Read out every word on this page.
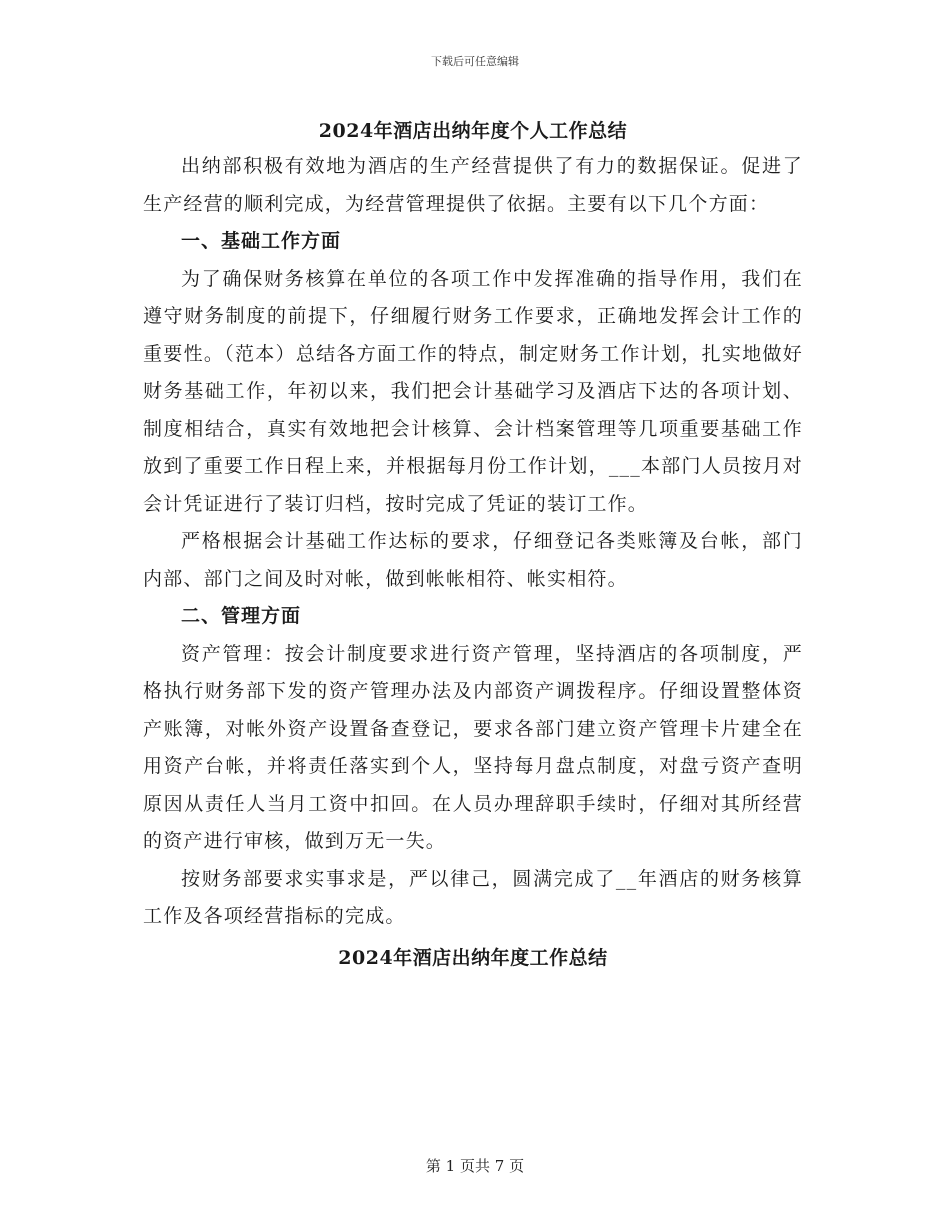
下载后可任意编辑
2024年酒店出纳年度个人工作总结

出纳部积极有效地为酒店的生产经营提供了有力的数据保证。促进了生产经营的顺利完成，为经营管理提供了依据。主要有以下几个方面：

一、基础工作方面

为了确保财务核算在单位的各项工作中发挥准确的指导作用，我们在遵守财务制度的前提下，仔细履行财务工作要求，正确地发挥会计工作的重要性。（范本）总结各方面工作的特点，制定财务工作计划，扎实地做好财务基础工作，年初以来，我们把会计基础学习及酒店下达的各项计划、制度相结合，真实有效地把会计核算、会计档案管理等几项重要基础工作放到了重要工作日程上来，并根据每月份工作计划，___本部门人员按月对会计凭证进行了装订归档，按时完成了凭证的装订工作。

严格根据会计基础工作达标的要求，仔细登记各类账簿及台帐，部门内部、部门之间及时对帐，做到帐帐相符、帐实相符。

二、管理方面

资产管理：按会计制度要求进行资产管理，坚持酒店的各项制度，严格执行财务部下发的资产管理办法及内部资产调拨程序。仔细设置整体资产账簿，对帐外资产设置备查登记，要求各部门建立资产管理卡片建全在用资产台帐，并将责任落实到个人，坚持每月盘点制度，对盘亏资产查明原因从责任人当月工资中扣回。在人员办理辞职手续时，仔细对其所经营的资产进行审核，做到万无一失。

按财务部要求实事求是，严以律己，圆满完成了__年酒店的财务核算工作及各项经营指标的完成。

2024年酒店出纳年度工作总结
第 1 页共 7 页
